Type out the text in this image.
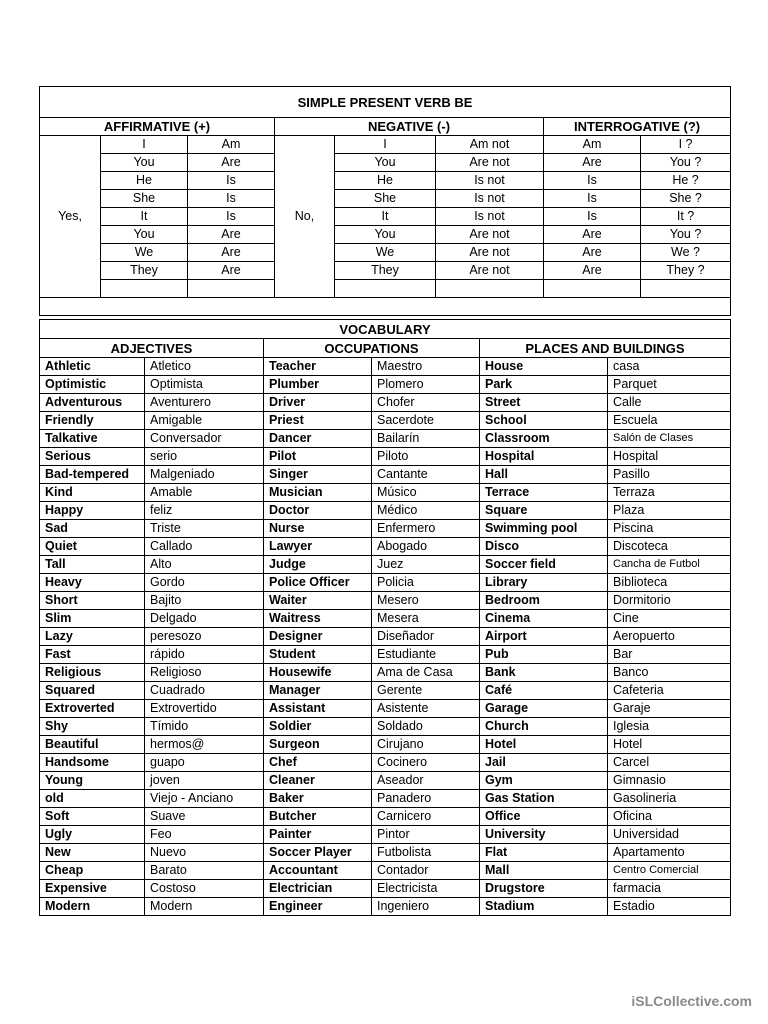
SIMPLE PRESENT VERB BE							
AFFIRMATIVE (+)			NEGATIVE (-)			INTERROGATIVE (?)	
Yes,	I	Am	No,	I	Am not	Am	I ?
	You	Are		You	Are not	Are	You ?
	He	Is		He	Is not	Is	He ?
	She	Is		She	Is not	Is	She ?
	It	Is		It	Is not	Is	It ?
	You	Are		You	Are not	Are	You ?
	We	Are		We	Are not	Are	We ?
	They	Are		They	Are not	Are	They ?

VOCABULARY					
ADJECTIVES		OCCUPATIONS		PLACES AND BUILDINGS	
Athletic	Atletico	Teacher	Maestro	House	casa
Optimistic	Optimista	Plumber	Plomero	Park	Parquet
Adventurous	Aventurero	Driver	Chofer	Street	Calle
Friendly	Amigable	Priest	Sacerdote	School	Escuela
Talkative	Conversador	Dancer	Bailarín	Classroom	Salón de Clases
Serious	serio	Pilot	Piloto	Hospital	Hospital
Bad-tempered	Malgeniado	Singer	Cantante	Hall	Pasillo
Kind	Amable	Musician	Músico	Terrace	Terraza
Happy	feliz	Doctor	Médico	Square	Plaza
Sad	Triste	Nurse	Enfermero	Swimming pool	Piscina
Quiet	Callado	Lawyer	Abogado	Disco	Discoteca
Tall	Alto	Judge	Juez	Soccer field	Cancha de Futbol
Heavy	Gordo	Police Officer	Policia	Library	Biblioteca
Short	Bajito	Waiter	Mesero	Bedroom	Dormitorio
Slim	Delgado	Waitress	Mesera	Cinema	Cine
Lazy	peresozo	Designer	Diseñador	Airport	Aeropuerto
Fast	rápido	Student	Estudiante	Pub	Bar
Religious	Religioso	Housewife	Ama de Casa	Bank	Banco
Squared	Cuadrado	Manager	Gerente	Café	Cafeteria
Extroverted	Extrovertido	Assistant	Asistente	Garage	Garaje
Shy	Tímido	Soldier	Soldado	Church	Iglesia
Beautiful	hermos@	Surgeon	Cirujano	Hotel	Hotel
Handsome	guapo	Chef	Cocinero	Jail	Carcel
Young	joven	Cleaner	Aseador	Gym	Gimnasio
old	Viejo - Anciano	Baker	Panadero	Gas Station	Gasolineria
Soft	Suave	Butcher	Carnicero	Office	Oficina
Ugly	Feo	Painter	Pintor	University	Universidad
New	Nuevo	Soccer Player	Futbolista	Flat	Apartamento
Cheap	Barato	Accountant	Contador	Mall	Centro Comercial
Expensive	Costoso	Electrician	Electricista	Drugstore	farmacia
Modern	Modern	Engineer	Ingeniero	Stadium	Estadio
iSLCollective.com
